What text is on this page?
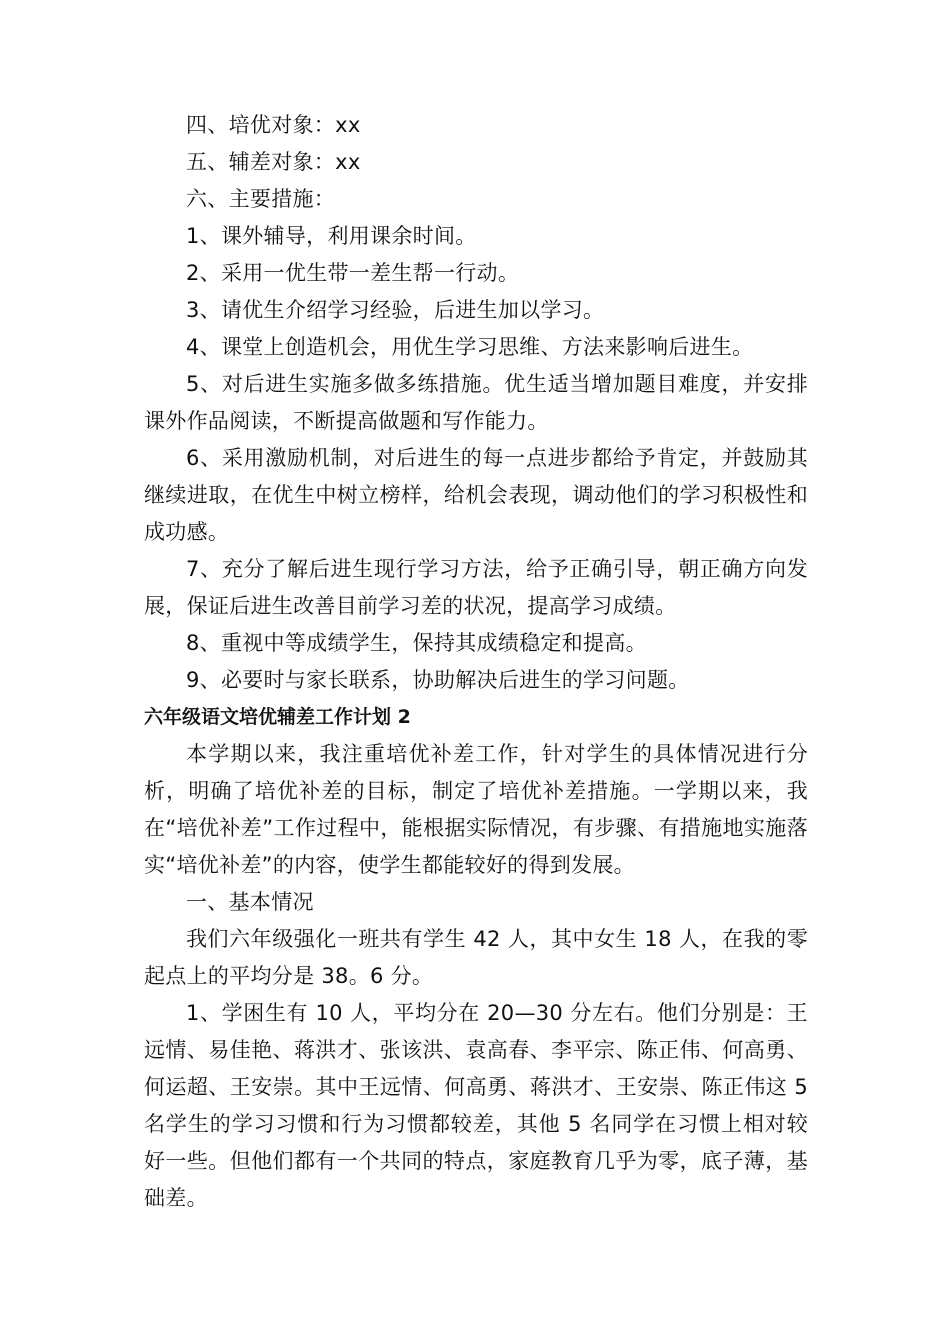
四、培优对象：xx

五、辅差对象：xx

六、主要措施：

1、课外辅导，利用课余时间。

2、采用一优生带一差生帮一行动。

3、请优生介绍学习经验，后进生加以学习。

4、课堂上创造机会，用优生学习思维、方法来影响后进生。

5、对后进生实施多做多练措施。优生适当增加题目难度，并安排课外作品阅读，不断提高做题和写作能力。

6、采用激励机制，对后进生的每一点进步都给予肯定，并鼓励其继续进取，在优生中树立榜样，给机会表现，调动他们的学习积极性和成功感。

7、充分了解后进生现行学习方法，给予正确引导，朝正确方向发展，保证后进生改善目前学习差的状况，提高学习成绩。

8、重视中等成绩学生，保持其成绩稳定和提高。

9、必要时与家长联系，协助解决后进生的学习问题。

六年级语文培优辅差工作计划 2

本学期以来，我注重培优补差工作，针对学生的具体情况进行分析，明确了培优补差的目标，制定了培优补差措施。一学期以来，我在“培优补差”工作过程中，能根据实际情况，有步骤、有措施地实施落实“培优补差”的内容，使学生都能较好的得到发展。

一、基本情况

我们六年级强化一班共有学生 42 人，其中女生 18 人，在我的零起点上的平均分是 38。6 分。

1、学困生有 10 人，平均分在 20—30 分左右。他们分别是：王远情、易佳艳、蒋洪才、张该洪、袁高春、李平宗、陈正伟、何高勇、何运超、王安崇。其中王远情、何高勇、蒋洪才、王安崇、陈正伟这 5 名学生的学习习惯和行为习惯都较差，其他 5 名同学在习惯上相对较好一些。但他们都有一个共同的特点，家庭教育几乎为零，底子薄，基础差。
